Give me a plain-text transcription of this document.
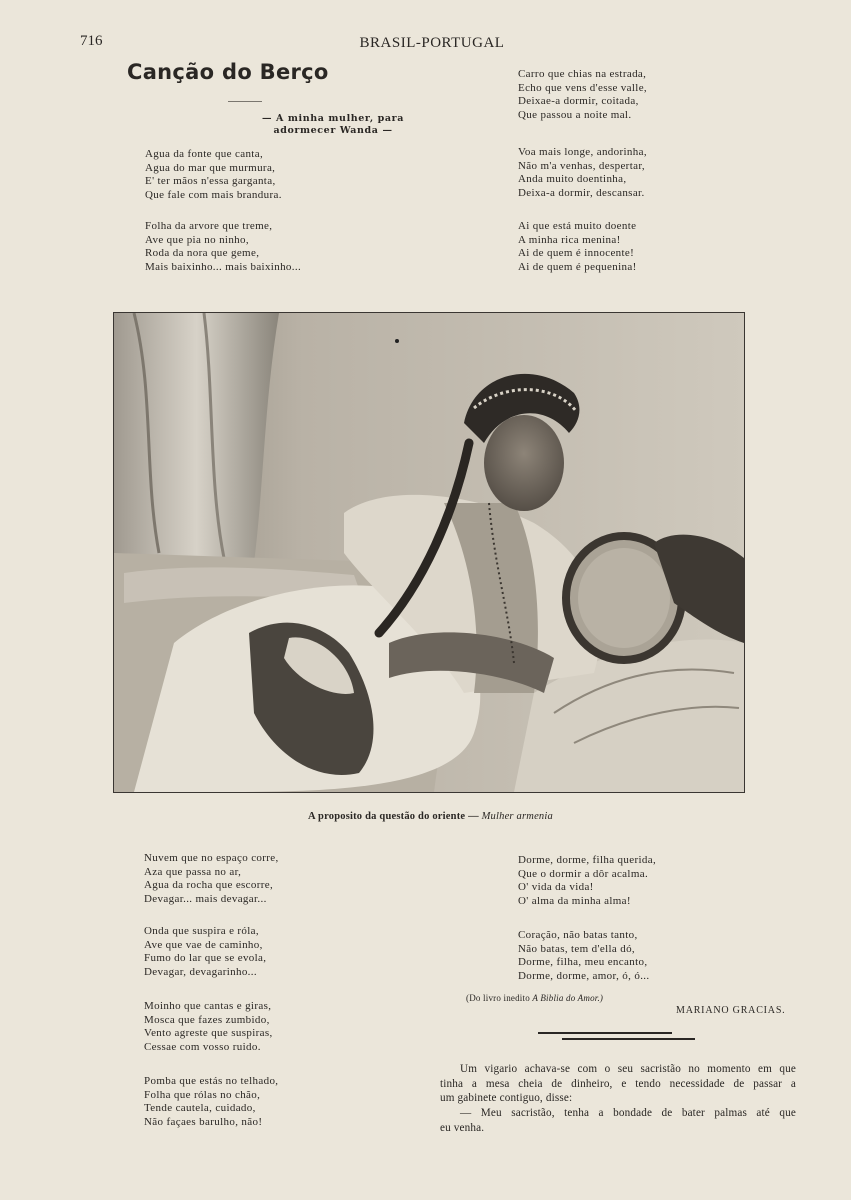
716	BRASIL-PORTUGAL
Canção do Berço
— A minha mulher, para
adormecer Wanda —
Agua da fonte que canta,
Agua do mar que murmura,
E' ter mãos n'essa garganta,
Que fale com mais brandura.
Folha da arvore que treme,
Ave que pia no ninho,
Roda da nora que geme,
Mais baixinho... mais baixinho...
Carro que chias na estrada,
Echo que vens d'esse valle,
Deixae-a dormir, coitada,
Que passou a noite mal.
Voa mais longe, andorinha,
Não m'a venhas, despertar,
Anda muito doentinha,
Deixa-a dormir, descansar.
Ai que está muito doente
A minha rica menina!
Ai de quem é innocente!
Ai de quem é pequenina!
A proposito da questão do oriente — Mulher armenia
Nuvem que no espaço corre,
Aza que passa no ar,
Agua da rocha que escorre,
Devagar... mais devagar...
Onda que suspira e róla,
Ave que vae de caminho,
Fumo do lar que se evola,
Devagar, devagarinho...
Moinho que cantas e giras,
Mosca que fazes zumbido,
Vento agreste que suspiras,
Cessae com vosso ruido.
Pomba que estás no telhado,
Folha que rólas no chão,
Tende cautela, cuidado,
Não façaes barulho, não!
Dorme, dorme, filha querida,
Que o dormir a dôr acalma.
O' vida da vida!
O' alma da minha alma!
Coração, não batas tanto,
Não batas, tem d'ella dó,
Dorme, filha, meu encanto,
Dorme, dorme, amor, ó, ó...
(Do livro inedito A Biblia do Amor.)
MARIANO GRACIAS.
Um vigario achava-se com o seu sacristão no momento em que
tinha a mesa cheia de dinheiro, e tendo necessidade de passar a
um gabinete contiguo, disse:
— Meu sacristão, tenha a bondade de bater palmas até que
eu venha.
